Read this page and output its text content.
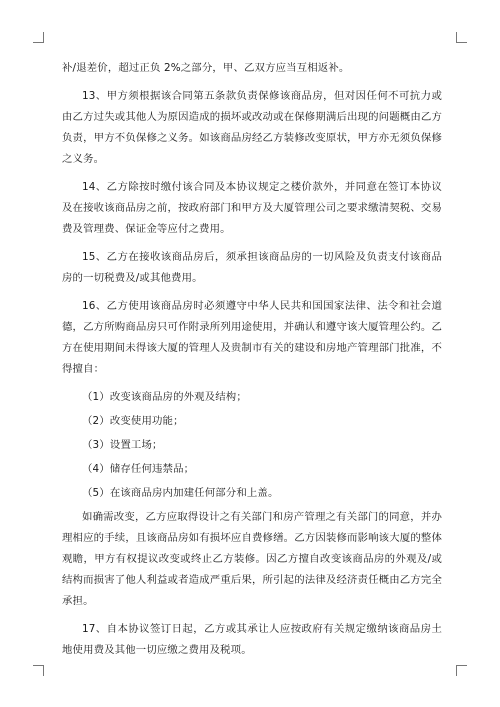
补/退差价，超过正负 2%之部分，甲、乙双方应当互相返补。

13、甲方须根据该合同第五条款负责保修该商品房，但对因任何不可抗力或由乙方过失或其他人为原因造成的损坏或改动或在保修期满后出现的问题概由乙方负责，甲方不负保修之义务。如该商品房经乙方装修改变原状，甲方亦无须负保修之义务。

14、乙方除按时缴付该合同及本协议规定之楼价款外，并同意在签订本协议及在接收该商品房之前，按政府部门和甲方及大厦管理公司之要求缴清契税、交易费及管理费、保证金等应付之费用。

15、乙方在接收该商品房后，须承担该商品房的一切风险及负责支付该商品房的一切税费及/或其他费用。

16、乙方使用该商品房时必须遵守中华人民共和国国家法律、法令和社会道德，乙方所购商品房只可作附录所列用途使用，并确认和遵守该大厦管理公约。乙方在使用期间未得该大厦的管理人及贵制市有关的建设和房地产管理部门批准，不得擅自：

（1）改变该商品房的外观及结构；

（2）改变使用功能；

（3）设置工场；

（4）储存任何违禁品；

（5）在该商品房内加建任何部分和上盖。

如确需改变，乙方应取得设计之有关部门和房产管理之有关部门的同意，并办理相应的手续，且该商品房如有损坏应自费修缮。乙方因装修而影响该大厦的整体观瞻，甲方有权提议改变或终止乙方装修。因乙方擅自改变该商品房的外观及/或结构而损害了他人利益或者造成严重后果，所引起的法律及经济责任概由乙方完全承担。

17、自本协议签订日起，乙方或其承让人应按政府有关规定缴纳该商品房土地使用费及其他一切应缴之费用及税项。
